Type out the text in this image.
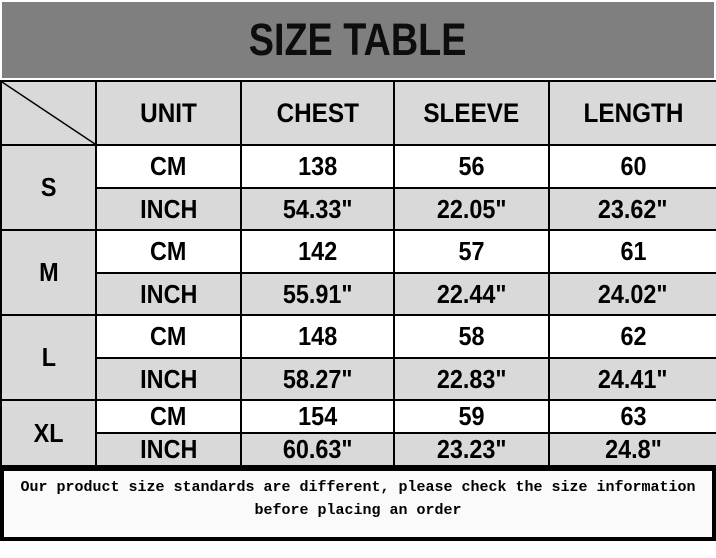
SIZE TABLE
	UNIT	CHEST	SLEEVE	LENGTH
S	CM	138	56	60
	INCH	54.33"	22.05"	23.62"
M	CM	142	57	61
	INCH	55.91"	22.44"	24.02"
L	CM	148	58	62
	INCH	58.27"	22.83"	24.41"
XL	CM	154	59	63
	INCH	60.63"	23.23"	24.8"
Our product size standards are different, please check the size information
before placing an order
